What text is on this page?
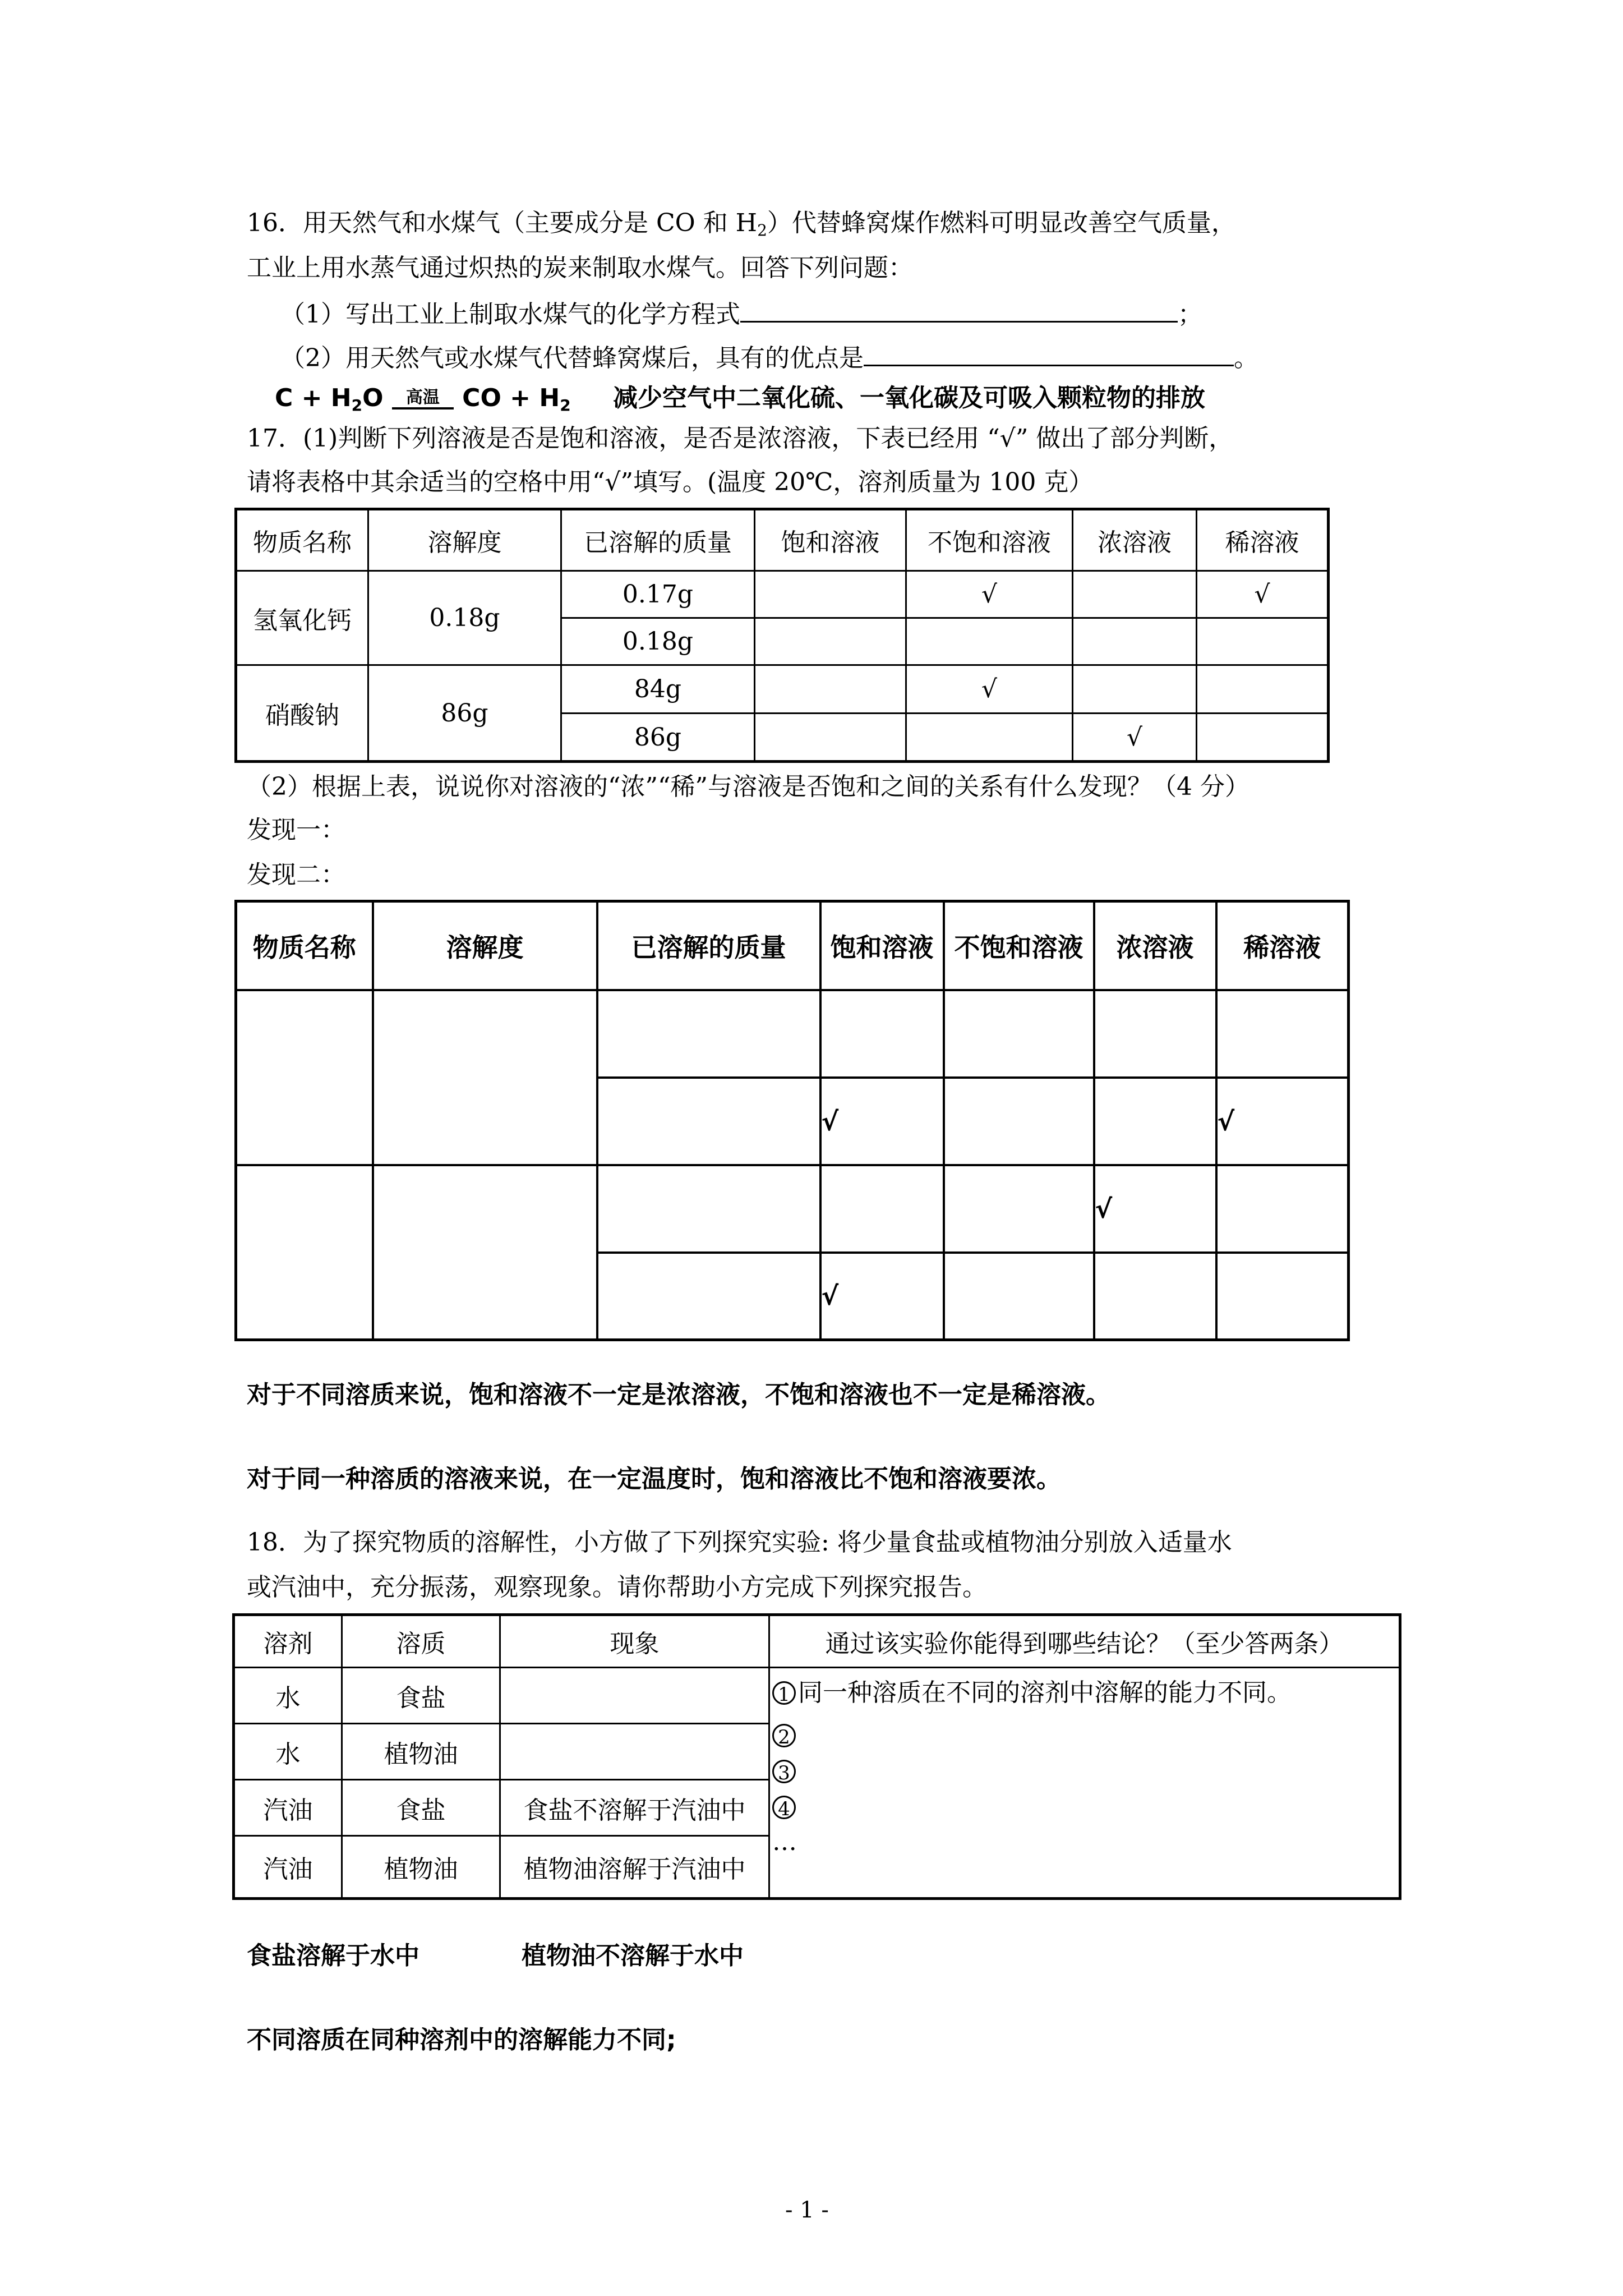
16．用天然气和水煤气（主要成分是 CO 和 $H_2$）代替蜂窝煤作燃料可明显改善空气质量，
工业上用水蒸气通过炽热的炭来制取水煤气。回答下列问题：
（1）写出工业上制取水煤气的化学方程式	；
（2）用天然气或水煤气代替蜂窝煤后，具有的优点是	。
$C + H_2O$	高温 CO + $H_2$ 减少空气中二氧化硫、一氧化碳及可吸入颗粒物的排放
17．(1)判断下列溶液是否是饱和溶液，是否是浓溶液，下表已经用 “√” 做出了部分判断，
请将表格中其余适当的空格中用“√”填写。(温度 20℃，溶剂质量为 100 克）
物质名称	溶解度	已溶解的质量	饱和溶液	不饱和溶液	浓溶液	稀溶液
氢氧化钙	0.18g	0.17g		√		√
		0.18g				
硝酸钠	86g	84g		√		
		86g			√	
（2）根据上表，说说你对溶液的“浓”“稀”与溶液是否饱和之间的关系有什么发现？（4 分）
发现一：
发现二：
物质名称	溶解度	已溶解的质量	饱和溶液	不饱和溶液	浓溶液	稀溶液

			√			√
					√	
			√			
对于不同溶质来说，饱和溶液不一定是浓溶液，不饱和溶液也不一定是稀溶液。
对于同一种溶质的溶液来说，在一定温度时，饱和溶液比不饱和溶液要浓。
18．为了探究物质的溶解性，小方做了下列探究实验: 将少量食盐或植物油分别放入适量水
或汽油中，充分振荡，观察现象。请你帮助小方完成下列探究报告。
溶剂	溶质	现象	通过该实验你能得到哪些结论？（至少答两条）
水	食盐		1 同一种溶质在不同的溶剂中溶解的能力不同。
2
3
4
…

水	植物油		
汽油	食盐	食盐不溶解于汽油中	
汽油	植物油	植物油溶解于汽油中	
食盐溶解于水中	植物油不溶解于水中
不同溶质在同种溶剂中的溶解能力不同;
- 1 -
